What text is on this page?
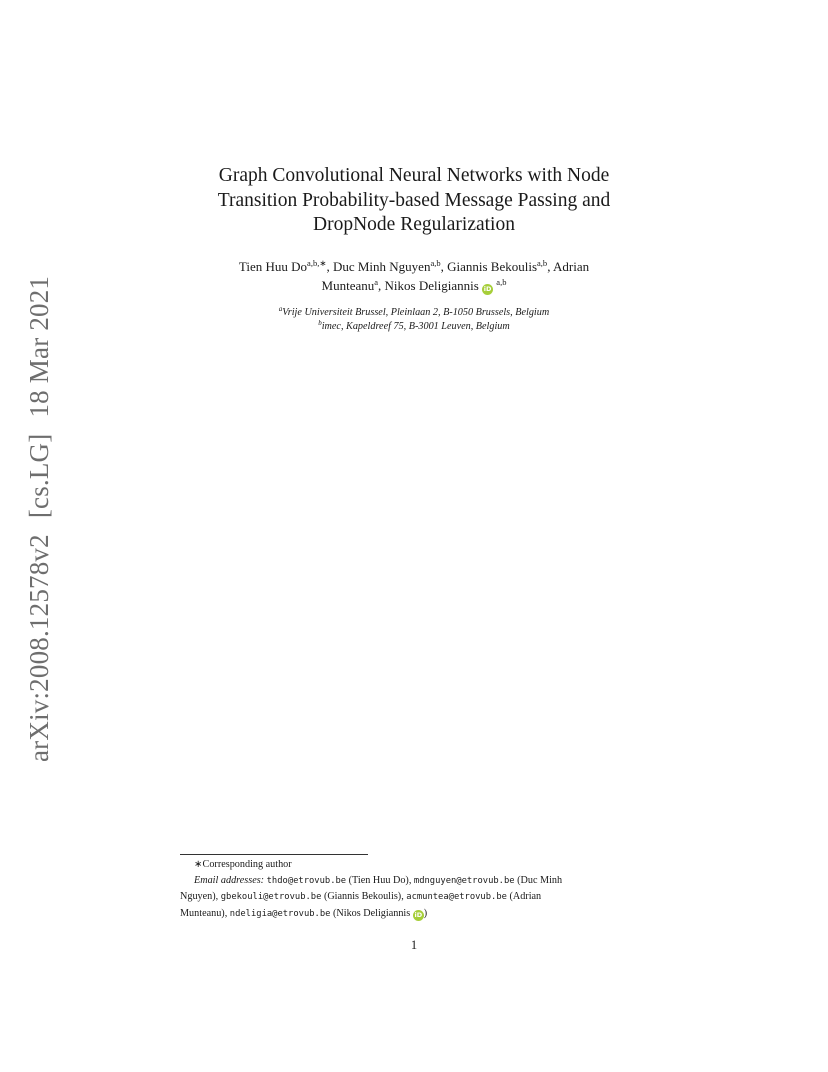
arXiv:2008.12578v2[cs.LG]18 Mar 2021
Graph Convolutional Neural Networks with Node
Transition Probability-based Message Passing and
DropNode Regularization
Tien Huu $Do^{a,b,∗}$, Duc Minh Nguyen$^{a,b}$, Giannis Bekoulis$^{a,b}$, Adrian
Munteanu$^a$, Nikos Deligiannis iD $^{a,b}$
$^a$Vrije Universiteit Brussel, Pleinlaan 2, B-1050 Brussels, Belgium
$^b$imec, Kapeldreef 75, B-3001 Leuven, Belgium
∗Corresponding author
Email addresses: thdo@etrovub.be (Tien Huu Do), mdnguyen@etrovub.be (Duc Minh
Nguyen), gbekouli@etrovub.be (Giannis Bekoulis), acmuntea@etrovub.be (Adrian
Munteanu), ndeligia@etrovub.be (Nikos Deligiannis iD )
1
